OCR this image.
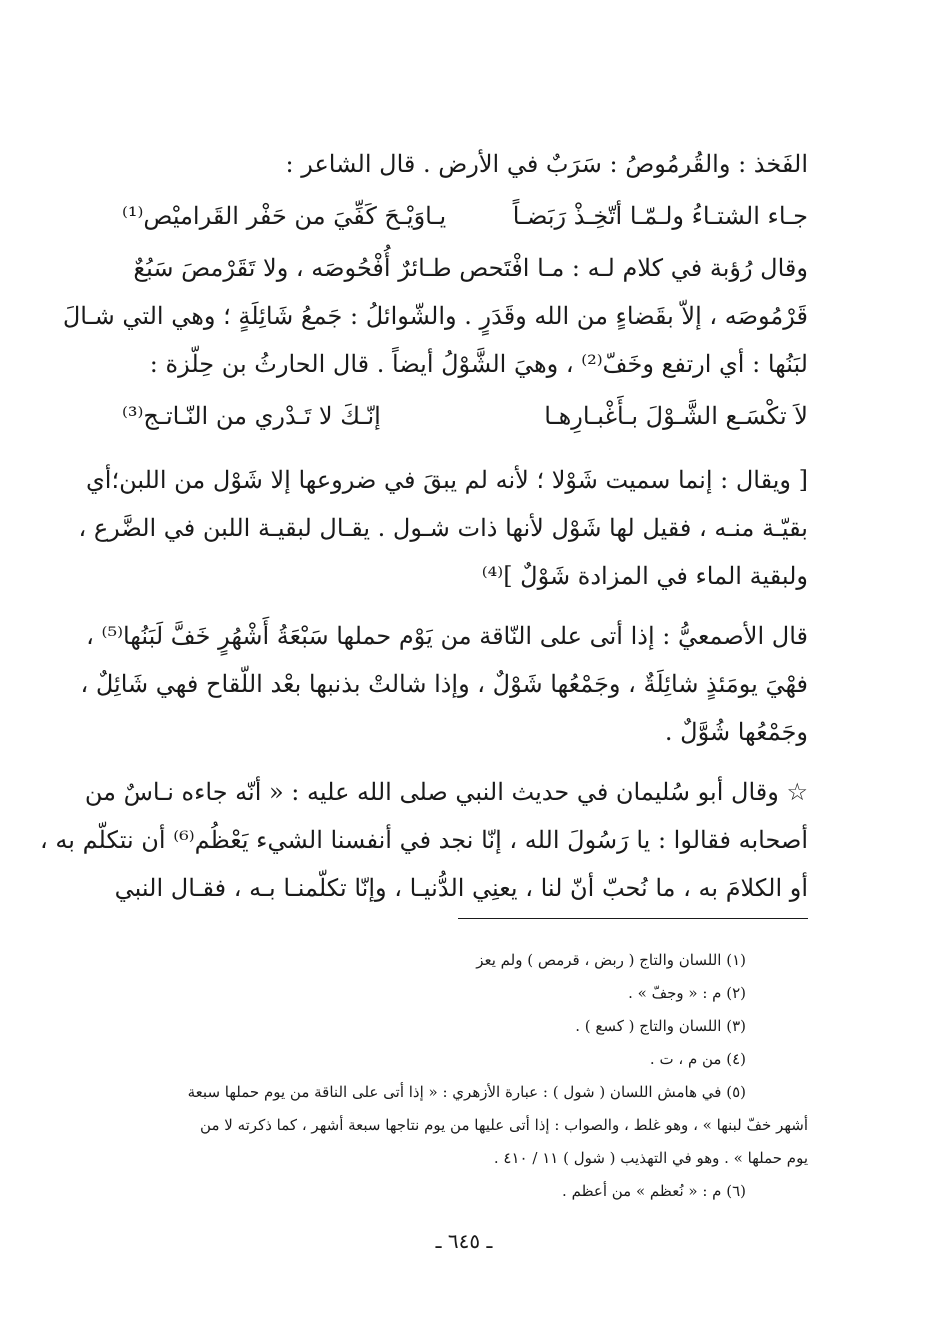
الفَخذ : والقُرمُوصُ : سَرَبٌ في الأرض . قال الشاعر :
جـاء الشتـاءُ ولـمّـا أتّخِـذْ رَبَضـاً
يـاوَيْـحَ كَفِّيَ من حَفْر القَراميْص⁽¹⁾
وقال رُؤبة في كلام لـه : مـا افْتَحص طـائرٌ أُفْحُوصَه ، ولا تَقَرْمصَ سَبُعٌ
قَرْمُوصَه ، إلاّ بقَضاءٍ من الله وقَدَرٍ . والشّوائلُ : جَمعُ شَائِلَةٍ ؛ وهي التي شـالَ
لبَنُها : أي ارتفع وخَفّ⁽²⁾ ، وهيَ الشَّوْلُ أيضاً . قال الحارثُ بن حِلّزة :
لاَ تكْسَـع الشَّـوْلَ بـأَغْبـارِهـا
إنّـكَ لا تَـدْري من النّـاتـج⁽³⁾
[ ويقال : إنما سميت شَوْلا ؛ لأنه لم يبقَ في ضروعها إلا شَوْل من اللبن؛أي
بقيّـة منـه ، فقيل لها شَوْل لأنها ذات شـول . يقـال لبقيـة اللبن في الضَّرع ،
ولبقية الماء في المزادة شَوْلٌ ]⁽⁴⁾
قال الأصمعيُّ : إذا أتى على النّاقة من يَوْم حملها سَبْعَةُ أَشْهُرٍ خَفَّ لَبَنُها⁽⁵⁾ ،
فهْيَ يومَئذٍ شائِلَةٌ ، وجَمْعُها شَوْلٌ ، وإذا شالتْ بذنبها بعْد اللّقاح فهي شَائِلٌ ،
وجَمْعُها شُوَّلٌ .
☆ وقال أبو سُليمان في حديث النبي صلى الله عليه : « أنّه جاءه نـاسٌ من
أصحابه فقالوا : يا رَسُولَ الله ، إنّا نجد في أنفسنا الشيء يَعْظُم⁽⁶⁾ أن نتكلّم به ،
أو الكلامَ به ، ما نُحبّ أنّ لنا ، يعنِي الدُّنيـا ، وإنّا تكلّمنـا بـه ، فقـال النبي
(١) اللسان والتاج ( ربض ، قرمص ) ولم يعز
(٢) م : « وجفّ » .
(٣) اللسان والتاج ( كسع ) .
(٤) من م ، ت .
(٥) في هامش اللسان ( شول ) : عبارة الأزهري : « إذا أتى على الناقة من يوم حملها سبعة
أشهر خفّ لبنها » ، وهو غلط ، والصواب : إذا أتى عليها من يوم نتاجها سبعة أشهر ، كما ذكرته لا من
يوم حملها » . وهو في التهذيب ( شول ) ١١ / ٤١٠ .
(٦) م : « نُعظم » من أعظم .
ـ ٦٤٥ ـ
